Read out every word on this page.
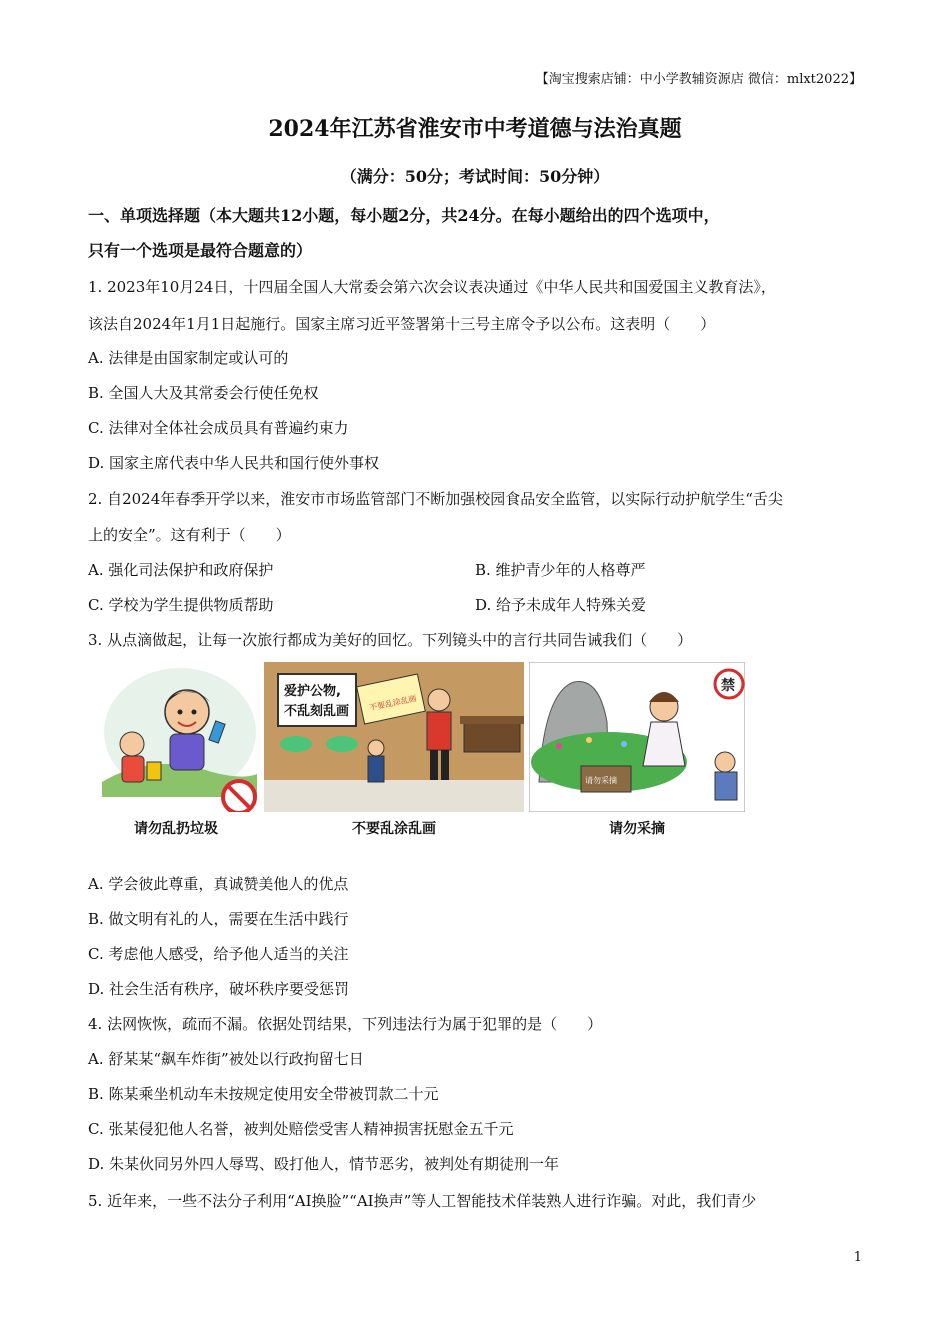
【淘宝搜索店铺：中小学教辅资源店 微信：mlxt2022】
2024年江苏省淮安市中考道德与法治真题
（满分：50分；考试时间：50分钟）
一、单项选择题（本大题共12小题，每小题2分，共24分。在每小题给出的四个选项中，
只有一个选项是最符合题意的）
1. 2023年10月24日，十四届全国人大常委会第六次会议表决通过《中华人民共和国爱国主义教育法》，
该法自2024年1月1日起施行。国家主席习近平签署第十三号主席令予以公布。这表明（　　）
A. 法律是由国家制定或认可的
B. 全国人大及其常委会行使任免权
C. 法律对全体社会成员具有普遍约束力
D. 国家主席代表中华人民共和国行使外事权
2. 自2024年春季开学以来，淮安市市场监管部门不断加强校园食品安全监管，以实际行动护航学生“舌尖
上的安全”。这有利于（　　）
A. 强化司法保护和政府保护	B. 维护青少年的人格尊严
C. 学校为学生提供物质帮助	D. 给予未成年人特殊关爱
3. 从点滴做起，让每一次旅行都成为美好的回忆。下列镜头中的言行共同告诫我们（　　）
请勿乱扔垃圾
爱护公物,
不乱刻乱画 不要乱涂乱画
不要乱涂乱画
请勿采摘
禁
请勿采摘
A. 学会彼此尊重，真诚赞美他人的优点
B. 做文明有礼的人，需要在生活中践行
C. 考虑他人感受，给予他人适当的关注
D. 社会生活有秩序，破坏秩序要受惩罚
4. 法网恢恢，疏而不漏。依据处罚结果，下列违法行为属于犯罪的是（　　）
A. 舒某某“飙车炸街”被处以行政拘留七日
B. 陈某乘坐机动车未按规定使用安全带被罚款二十元
C. 张某侵犯他人名誉，被判处赔偿受害人精神损害抚慰金五千元
D. 朱某伙同另外四人辱骂、殴打他人，情节恶劣，被判处有期徒刑一年
5. 近年来，一些不法分子利用“AI换脸”“AI换声”等人工智能技术佯装熟人进行诈骗。对此，我们青少
1
